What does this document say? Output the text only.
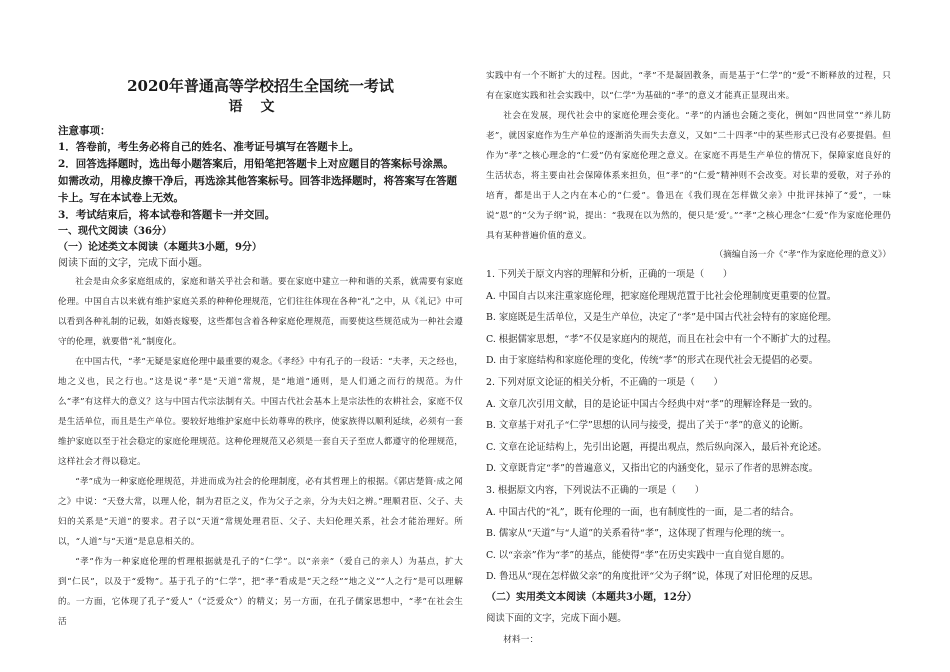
2020年普通高等学校招生全国统一考试
语文
注意事项：
1．答卷前，考生务必将自己的姓名、准考证号填写在答题卡上。
2．回答选择题时，选出每小题答案后，用铅笔把答题卡上对应题目的答案标号涂黑。如需改动，用橡皮擦干净后，再选涂其他答案标号。回答非选择题时，将答案写在答题卡上。写在本试卷上无效。
3．考试结束后，将本试卷和答题卡一并交回。
一、现代文阅读（36分）
（一）论述类文本阅读（本题共3小题，9分）
阅读下面的文字，完成下面小题。
社会是由众多家庭组成的，家庭和谐关乎社会和谐。要在家庭中建立一种和谐的关系，就需要有家庭伦理。中国自古以来就有维护家庭关系的种种伦理规范，它们往往体现在各种“礼”之中，从《礼记》中可以看到各种礼制的记载，如婚丧嫁娶，这些都包含着各种家庭伦理规范，而要使这些规范成为一种社会遵守的伦理，就要借“礼”制度化。
在中国古代，“孝”无疑是家庭伦理中最重要的观念。《孝经》中有孔子的一段话：“夫孝，天之经也，地之义也，民之行也。”这是说“孝”是“天道”常规，是“地道”通则，是人们通之而行的规范。为什么“孝”有这样大的意义？这与中国古代宗法制有关。中国古代社会基本上是宗法性的农耕社会，家庭不仅是生活单位，而且是生产单位。要较好地维护家庭中长幼尊卑的秩序，使家族得以顺利延续，必须有一套维护家庭以至于社会稳定的家庭伦理规范。这种伦理规范又必须是一套自天子至庶人都遵守的伦理规范，这样社会才得以稳定。
“孝”成为一种家庭伦理规范，并进而成为社会的伦理制度，必有其哲理上的根据。《郭店楚简·成之闻之》中说：“天登大常，以理人伦，制为君臣之义，作为父子之亲，分为夫妇之辨。”理顺君臣、父子、夫妇的关系是“天道”的要求。君子以“天道”常规处理君臣、父子、夫妇伦理关系，社会才能治理好。所以，“人道”与“天道”是息息相关的。
“孝”作为一种家庭伦理的哲理根据就是孔子的“仁学”。以“亲亲”（爱自己的亲人）为基点，扩大到“仁民”，以及于“爱物”。基于孔子的“仁学”，把“孝”看成是“天之经”“地之义”“人之行”是可以理解的。一方面，它体现了孔子“爱人”（“泛爱众”）的精义；另一方面，在孔子儒家思想中，“孝”在社会生活
实践中有一个不断扩大的过程。因此，“孝”不是凝固教条，而是基于“仁学”的“爱”不断释放的过程，只有在家庭实践和社会实践中，以“仁学”为基础的“孝”的意义才能真正显现出来。
社会在发展，现代社会中的家庭伦理会变化。“孝”的内涵也会随之变化，例如“四世同堂”“养儿防老”，就因家庭作为生产单位的逐渐消失而失去意义，又如“二十四孝”中的某些形式已没有必要提倡。但作为“孝”之核心理念的“仁爱”仍有家庭伦理之意义。在家庭不再是生产单位的情况下，保障家庭良好的生活状态，将主要由社会保障体系来担负，但“孝”的“仁爱”精神则不会改变。对长辈的爱敬，对子孙的培育，都是出于人之内在本心的“仁爱”。鲁迅在《我们现在怎样做父亲》中批评抹掉了“爱”，一味说“恩”的“父为子纲”说，提出：“我现在以为然的，便只是‘爱’。”“孝”之核心理念“仁爱”作为家庭伦理仍具有某种普遍价值的意义。
（摘编自汤一介《“孝”作为家庭伦理的意义》）
1. 下列关于原文内容的理解和分析，正确的一项是（　　）
A. 中国自古以来注重家庭伦理，把家庭伦理规范置于比社会伦理制度更重要的位置。
B. 家庭既是生活单位，又是生产单位，决定了“孝”是中国古代社会特有的家庭伦理。
C. 根据儒家思想，“孝”不仅是家庭内的规范，而且在社会中有一个不断扩大的过程。
D. 由于家庭结构和家庭伦理的变化，传统“孝”的形式在现代社会无提倡的必要。
2. 下列对原文论证的相关分析，不正确的一项是（　　）
A. 文章几次引用文献，目的是论证中国古今经典中对“孝”的理解诠释是一致的。
B. 文章基于对孔子“仁学”思想的认同与接受，提出了关于“孝”的意义的论断。
C. 文章在论证结构上，先引出论题，再提出观点，然后纵向深入，最后补充论述。
D. 文章既肯定“孝”的普遍意义，又指出它的内涵变化，显示了作者的思辨态度。
3. 根据原文内容，下列说法不正确的一项是（　　）
A. 中国古代的“礼”，既有伦理的一面，也有制度性的一面，是二者的结合。
B. 儒家从“天道”与“人道”的关系看待“孝”，这体现了哲理与伦理的统一。
C. 以“亲亲”作为“孝”的基点，能使得“孝”在历史实践中一直自觉自愿的。
D. 鲁迅从“现在怎样做父亲”的角度批评“父为子纲”说，体现了对旧伦理的反思。
（二）实用类文本阅读（本题共3小题，12分）
阅读下面的文字，完成下面小题。
材料一：
